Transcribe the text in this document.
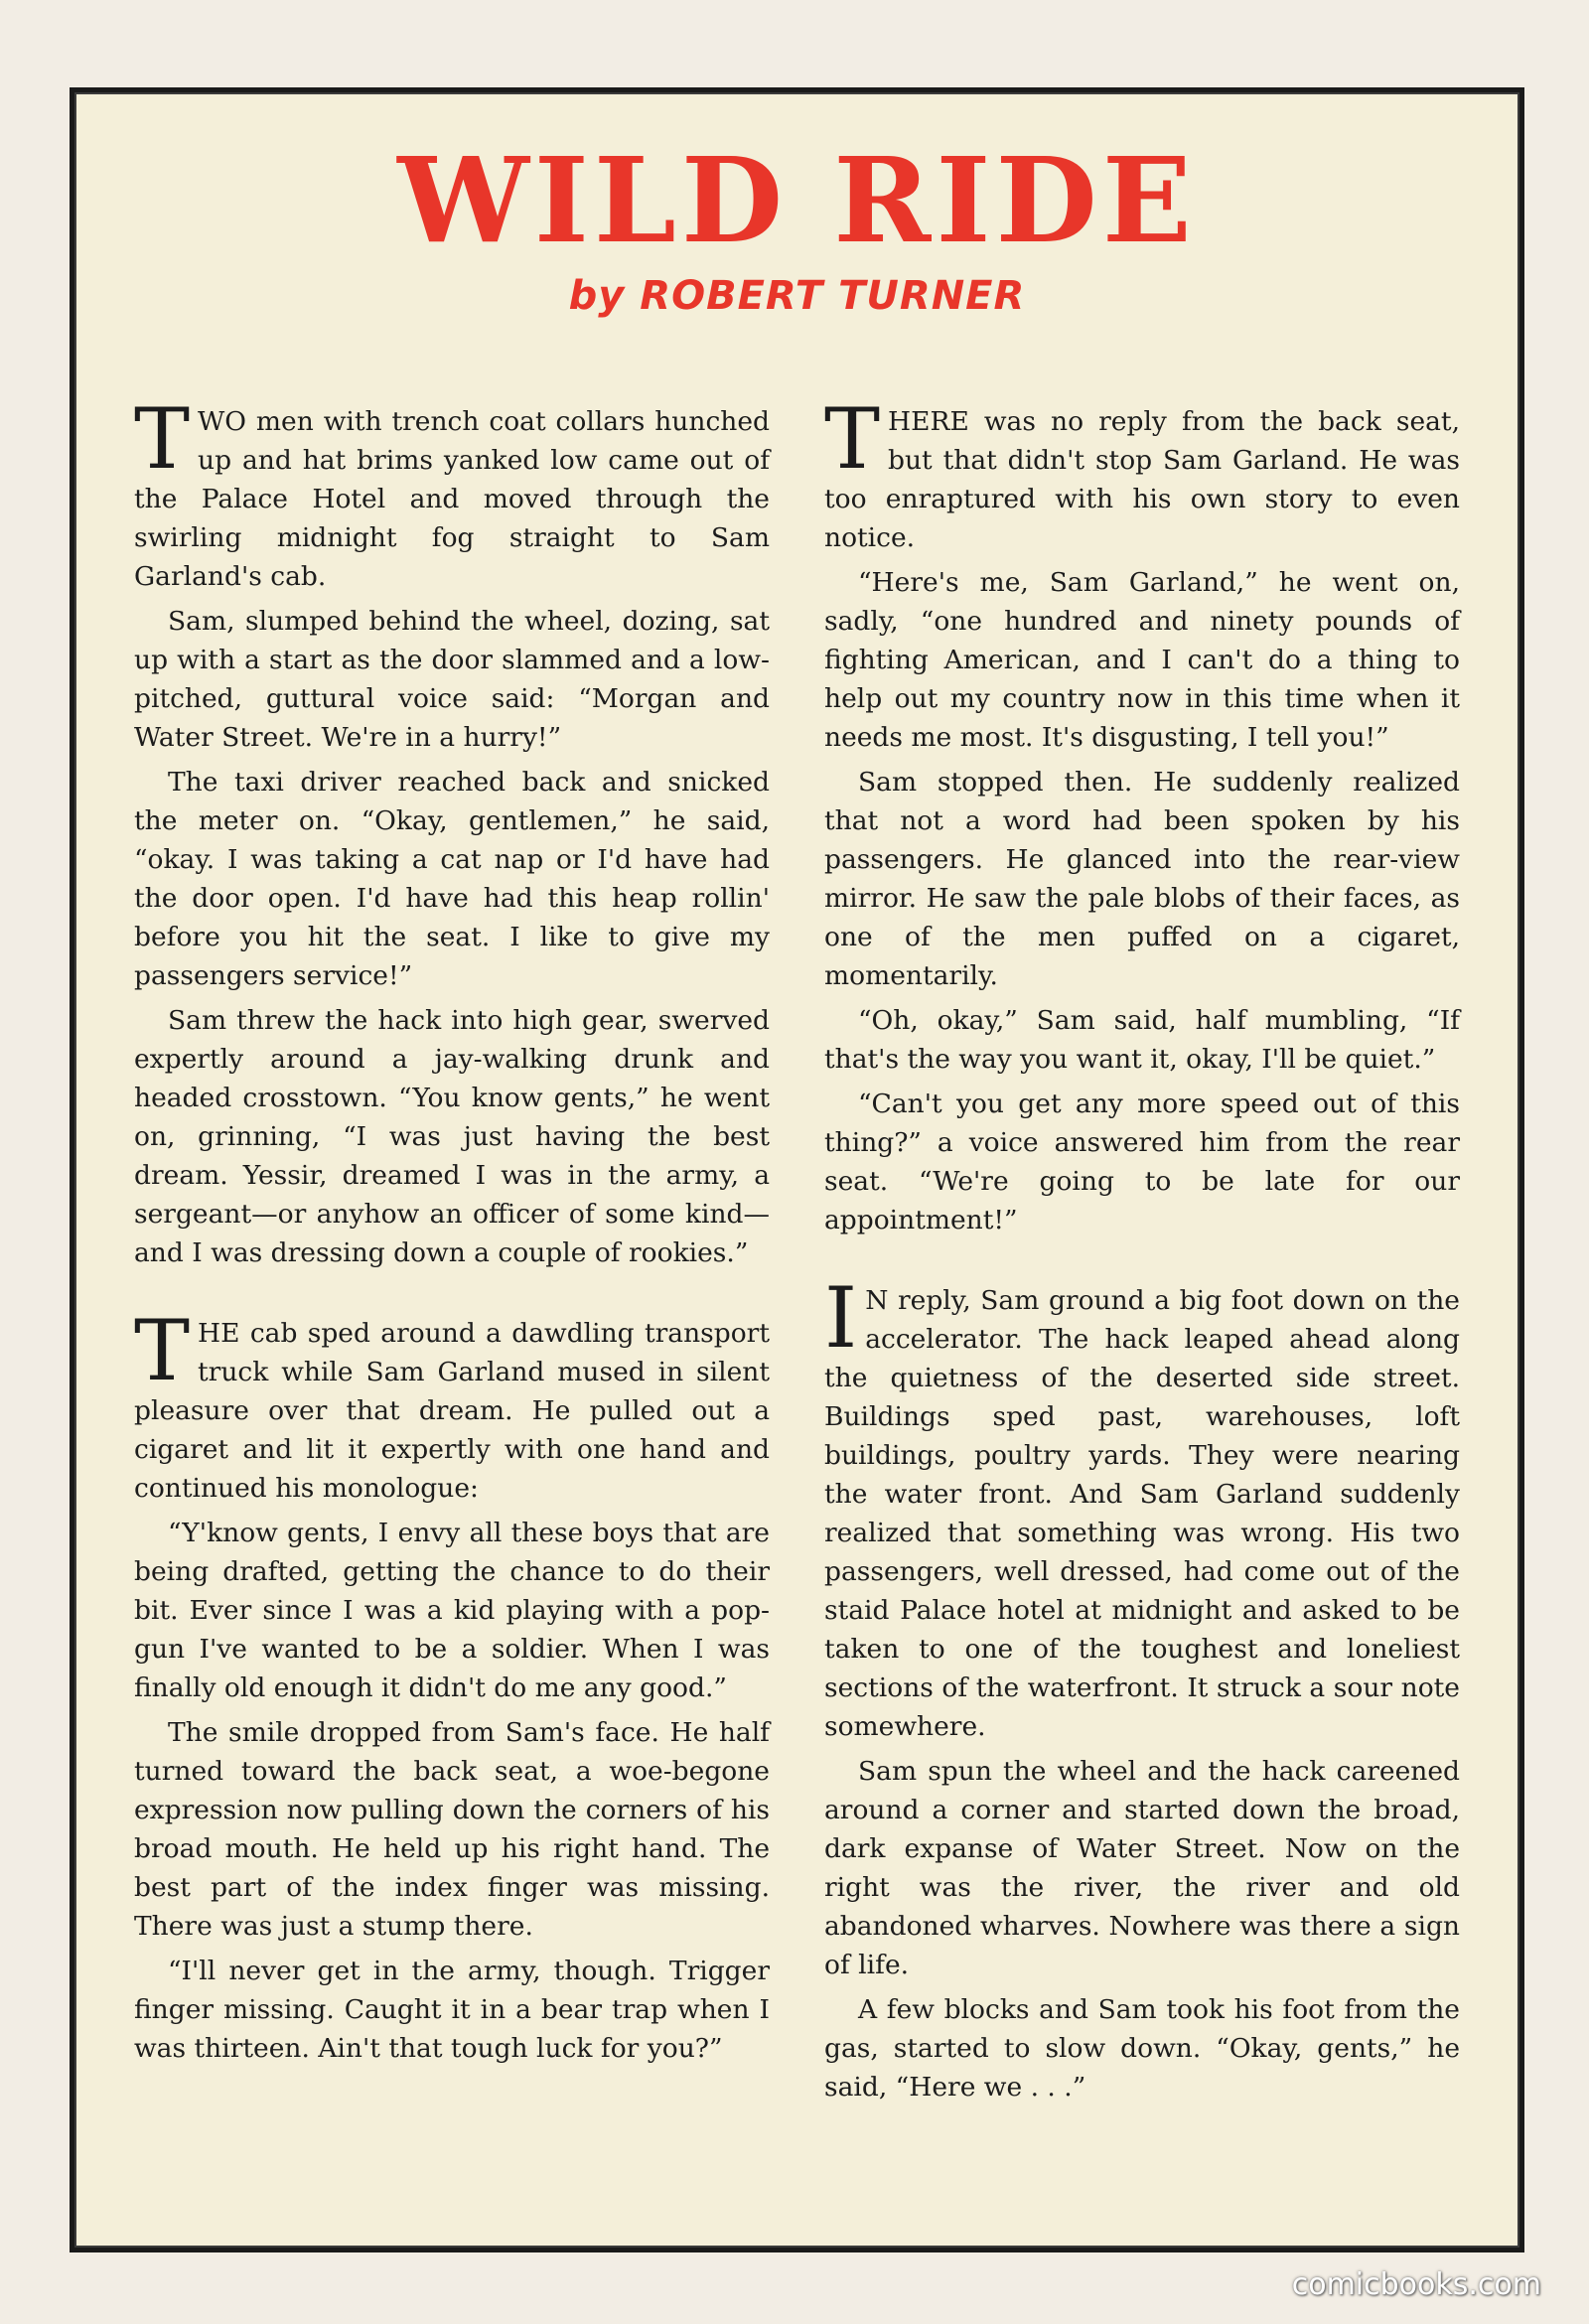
WILD RIDE
by ROBERT TURNER

TWO men with trench coat collars hunched up and hat brims yanked low came out of the Palace Hotel and moved through the swirling midnight fog straight to Sam Garland's cab.

Sam, slumped behind the wheel, dozing, sat up with a start as the door slammed and a low-pitched, guttural voice said: “Morgan and Water Street. We're in a hurry!”

The taxi driver reached back and snicked the meter on. “Okay, gentlemen,” he said, “okay. I was taking a cat nap or I'd have had the door open. I'd have had this heap rollin' before you hit the seat. I like to give my passengers service!”

Sam threw the hack into high gear, swerved expertly around a jay-walking drunk and headed crosstown. “You know gents,” he went on, grinning, “I was just having the best dream. Yessir, dreamed I was in the army, a sergeant—or anyhow an officer of some kind—and I was dressing down a couple of rookies.”

THE cab sped around a dawdling transport truck while Sam Garland mused in silent pleasure over that dream. He pulled out a cigaret and lit it expertly with one hand and continued his monologue:

“Y'know gents, I envy all these boys that are being drafted, getting the chance to do their bit. Ever since I was a kid playing with a pop-gun I've wanted to be a soldier. When I was finally old enough it didn't do me any good.”

The smile dropped from Sam's face. He half turned toward the back seat, a woe-begone expression now pulling down the corners of his broad mouth. He held up his right hand. The best part of the index finger was missing. There was just a stump there.

“I'll never get in the army, though. Trigger finger missing. Caught it in a bear trap when I was thirteen. Ain't that tough luck for you?”

THERE was no reply from the back seat, but that didn't stop Sam Garland. He was too enraptured with his own story to even notice.

“Here's me, Sam Garland,” he went on, sadly, “one hundred and ninety pounds of fighting American, and I can't do a thing to help out my country now in this time when it needs me most. It's disgusting, I tell you!”

Sam stopped then. He suddenly realized that not a word had been spoken by his passengers. He glanced into the rear-view mirror. He saw the pale blobs of their faces, as one of the men puffed on a cigaret, momentarily.

“Oh, okay,” Sam said, half mumbling, “If that's the way you want it, okay, I'll be quiet.”

“Can't you get any more speed out of this thing?” a voice answered him from the rear seat. “We're going to be late for our appointment!”

I N reply, Sam ground a big foot down on the accelerator. The hack leaped ahead along the quietness of the deserted side street. Buildings sped past, warehouses, loft buildings, poultry yards. They were nearing the water front. And Sam Garland suddenly realized that something was wrong. His two passengers, well dressed, had come out of the staid Palace hotel at midnight and asked to be taken to one of the toughest and loneliest sections of the waterfront. It struck a sour note somewhere.

Sam spun the wheel and the hack careened around a corner and started down the broad, dark expanse of Water Street. Now on the right was the river, the river and old abandoned wharves. Nowhere was there a sign of life.

A few blocks and Sam took his foot from the gas, started to slow down. “Okay, gents,” he said, “Here we . . .”

comicbooks.com
